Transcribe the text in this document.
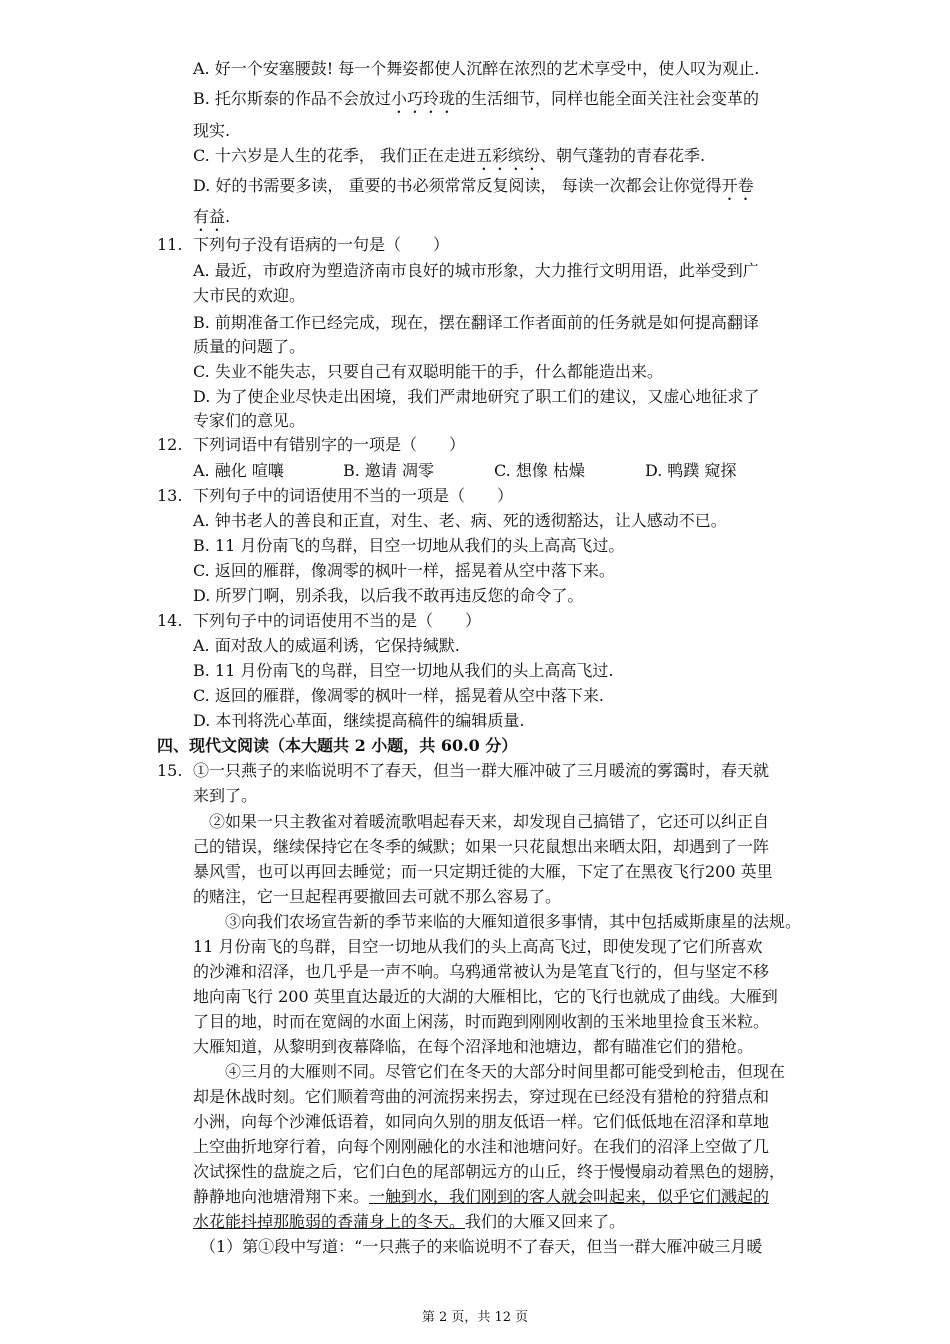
A. 好一个安塞腰鼓! 每一个舞姿都使人沉醉在浓烈的艺术享受中，使人叹为观止.
B. 托尔斯泰的作品不会放过小巧玲珑的生活细节，同样也能全面关注社会变革的
现实.
C. 十六岁是人生的花季， 我们正在走进五彩缤纷、朝气蓬勃的青春花季.
D. 好的书需要多读， 重要的书必须常常反复阅读， 每读一次都会让你觉得开卷
有益.
11. 下列句子没有语病的一句是（　　）
A. 最近，市政府为塑造济南市良好的城市形象，大力推行文明用语，此举受到广
大市民的欢迎。
B. 前期准备工作已经完成，现在，摆在翻译工作者面前的任务就是如何提高翻译
质量的问题了。
C. 失业不能失志，只要自己有双聪明能干的手，什么都能造出来。
D. 为了使企业尽快走出困境，我们严肃地研究了职工们的建议，又虚心地征求了
专家们的意见。
12. 下列词语中有错别字的一项是（　　）
A. 融化 喧嚷	B. 邀请 凋零	C. 想像 枯燥	D. 鸭蹼 窥探
13. 下列句子中的词语使用不当的一项是（　　）
A. 钟书老人的善良和正直，对生、老、病、死的透彻豁达，让人感动不已。
B. 11 月份南飞的鸟群，目空一切地从我们的头上高高飞过。
C. 返回的雁群，像凋零的枫叶一样，摇晃着从空中落下来。
D. 所罗门啊，别杀我，以后我不敢再违反您的命令了。
14. 下列句子中的词语使用不当的是（　　）
A. 面对敌人的威逼利诱，它保持缄默.
B. 11 月份南飞的鸟群，目空一切地从我们的头上高高飞过.
C. 返回的雁群，像凋零的枫叶一样，摇晃着从空中落下来.
D. 本刊将洗心革面，继续提高稿件的编辑质量.
四、现代文阅读（本大题共 2 小题，共 60.0 分）
15. ①一只燕子的来临说明不了春天，但当一群大雁冲破了三月暖流的雾霭时，春天就
来到了。
　②如果一只主教雀对着暖流歌唱起春天来，却发现自己搞错了，它还可以纠正自
己的错误，继续保持它在冬季的缄默；如果一只花鼠想出来晒太阳，却遇到了一阵
暴风雪，也可以再回去睡觉；而一只定期迁徙的大雁，下定了在黑夜飞行200 英里
的赌注，它一旦起程再要撤回去可就不那么容易了。
　　③向我们农场宣告新的季节来临的大雁知道很多事情，其中包括威斯康星的法规。
11 月份南飞的鸟群，目空一切地从我们的头上高高飞过，即使发现了它们所喜欢
的沙滩和沼泽，也几乎是一声不响。乌鸦通常被认为是笔直飞行的，但与坚定不移
地向南飞行 200 英里直达最近的大湖的大雁相比，它的飞行也就成了曲线。大雁到
了目的地，时而在宽阔的水面上闲荡，时而跑到刚刚收割的玉米地里捡食玉米粒。
大雁知道，从黎明到夜幕降临，在每个沼泽地和池塘边，都有瞄准它们的猎枪。
　　④三月的大雁则不同。尽管它们在冬天的大部分时间里都可能受到枪击，但现在
却是休战时刻。它们顺着弯曲的河流拐来拐去，穿过现在已经没有猎枪的狩猎点和
小洲，向每个沙滩低语着，如同向久别的朋友低语一样。它们低低地在沼泽和草地
上空曲折地穿行着，向每个刚刚融化的水洼和池塘问好。在我们的沼泽上空做了几
次试探性的盘旋之后，它们白色的尾部朝远方的山丘，终于慢慢扇动着黑色的翅膀，
静静地向池塘滑翔下来。一触到水，我们刚到的客人就会叫起来，似乎它们溅起的
水花能抖掉那脆弱的香蒲身上的冬天。我们的大雁又回来了。
（1）第①段中写道：“一只燕子的来临说明不了春天，但当一群大雁冲破三月暖
第 2 页，共 12 页
